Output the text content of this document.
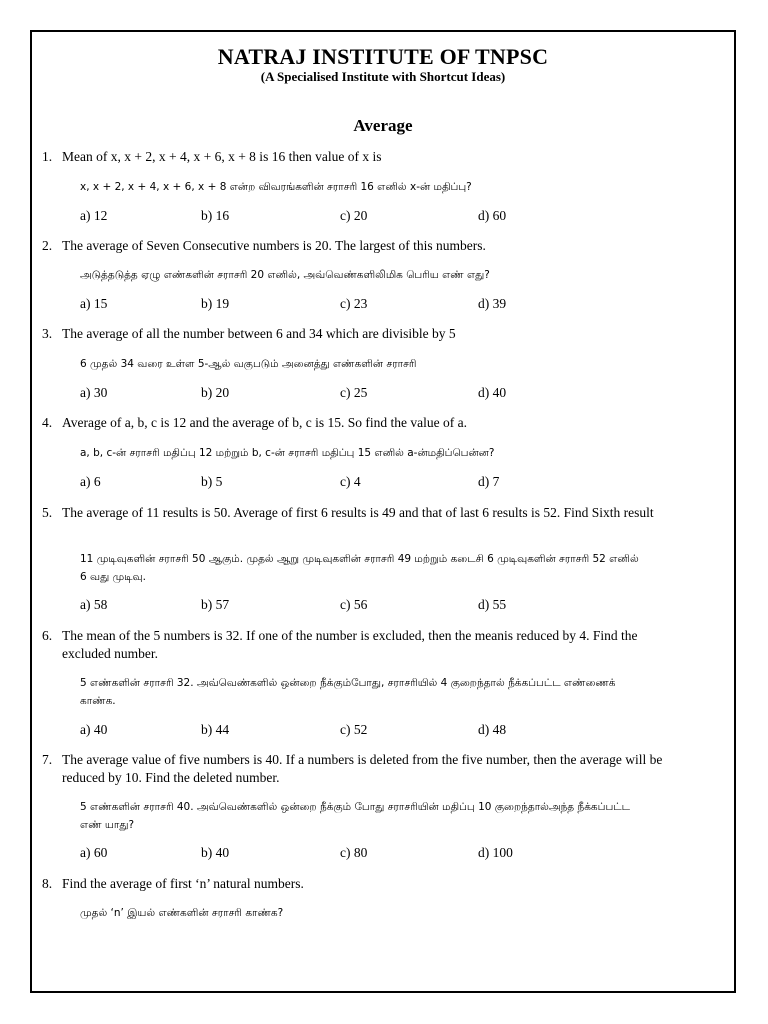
NATRAJ INSTITUTE OF TNPSC
(A Specialised Institute with Shortcut Ideas)
Average
1. Mean of x, x + 2, x + 4, x + 6, x + 8 is 16 then value of x is
x, x + 2, x + 4, x + 6, x + 8 என்ற விவரங்களின் சராசரி 16 எனில் x-ன் மதிப்பு?
a) 12	b) 16	c) 20	d) 60
2. The average of Seven Consecutive numbers is 20. The largest of this numbers.
அடுத்தடுத்த ஏழு எண்களின் சராசரி 20 எனில், அவ்வெண்களிலிமிக பெரிய எண் எது?
a) 15	b) 19	c) 23	d) 39
3. The average of all the number between 6 and 34 which are divisible by 5
6 முதல் 34 வரை உள்ள 5-ஆல் வகுபடும் அனைத்து எண்களின் சராசரி
a) 30	b) 20	c) 25	d) 40
4. Average of a, b, c is 12 and the average of b, c is 15. So find the value of a.
a, b, c-ன் சராசரி மதிப்பு 12 மற்றும் b, c-ன் சராசரி மதிப்பு 15 எனில் a-ன்மதிப்பென்ன?
a) 6	b) 5	c) 4	d) 7
5. The average of 11 results is 50. Average of first 6 results is 49 and that of last 6 results is 52. Find Sixth result
11 முடிவுகளின் சராசரி 50 ஆகும். முதல் ஆறு முடிவுகளின் சராசரி 49 மற்றும் கடைசி 6 முடிவுகளின் சராசரி 52 எனில் 6 வது முடிவு.
a) 58	b) 57	c) 56	d) 55
6. The mean of the 5 numbers is 32. If one of the number is excluded, then the meanis reduced by 4. Find the excluded number.
5 எண்களின் சராசரி 32. அவ்வெண்களில் ஒன்றை நீக்கும்போது, சராசரியில் 4 குறைந்தால் நீக்கப்பட்ட எண்ணைக் காண்க.
a) 40	b) 44	c) 52	d) 48
7. The average value of five numbers is 40. If a numbers is deleted from the five number, then the average will be reduced by 10. Find the deleted number.
5 எண்களின் சராசரி 40. அவ்வெண்களில் ஒன்றை நீக்கும் போது சராசரியின் மதிப்பு 10 குறைந்தால்அந்த நீக்கப்பட்ட எண் யாது?
a) 60	b) 40	c) 80	d) 100
8. Find the average of first ‘n’ natural numbers.
முதல் ‘n’ இயல் எண்களின் சராசரி காண்க?
